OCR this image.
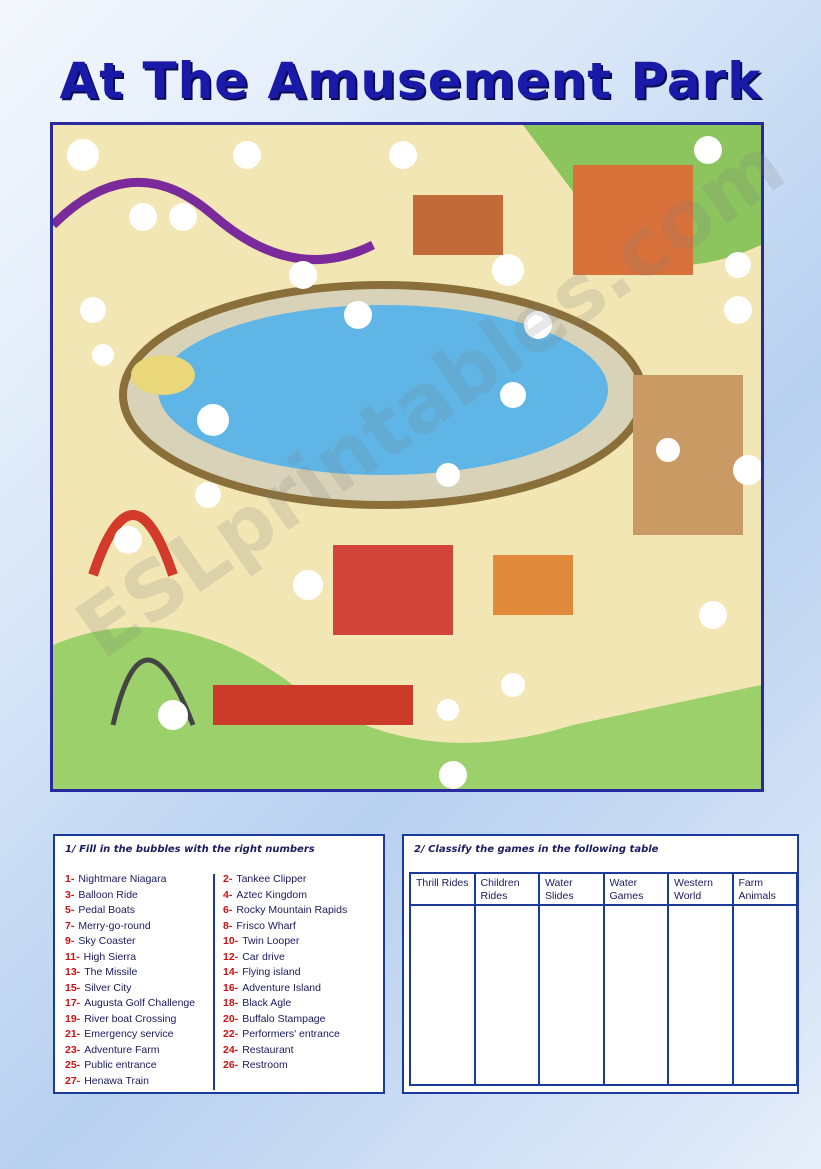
At The Amusement Park
1/ Fill in the bubbles with the right numbers
1- Nightmare Niagara
3- Balloon Ride
5- Pedal Boats
7- Merry-go-round
9- Sky Coaster
11- High Sierra
13- The Missile
15- Silver City
17- Augusta Golf Challenge
19- River boat Crossing
21- Emergency service
23- Adventure Farm
25- Public entrance
27- Henawa Train
2- Tankee Clipper
4- Aztec Kingdom
6- Rocky Mountain Rapids
8- Frisco Wharf
10- Twin Looper
12- Car drive
14- Flying island
16- Adventure Island
18- Black Agle
20- Buffalo Stampage
22- Performers' entrance
24- Restaurant
26- Restroom
2/ Classify the games in the following table
Thrill Rides	Children Rides
Water Slides
Water Games
Western World
Farm Animals
